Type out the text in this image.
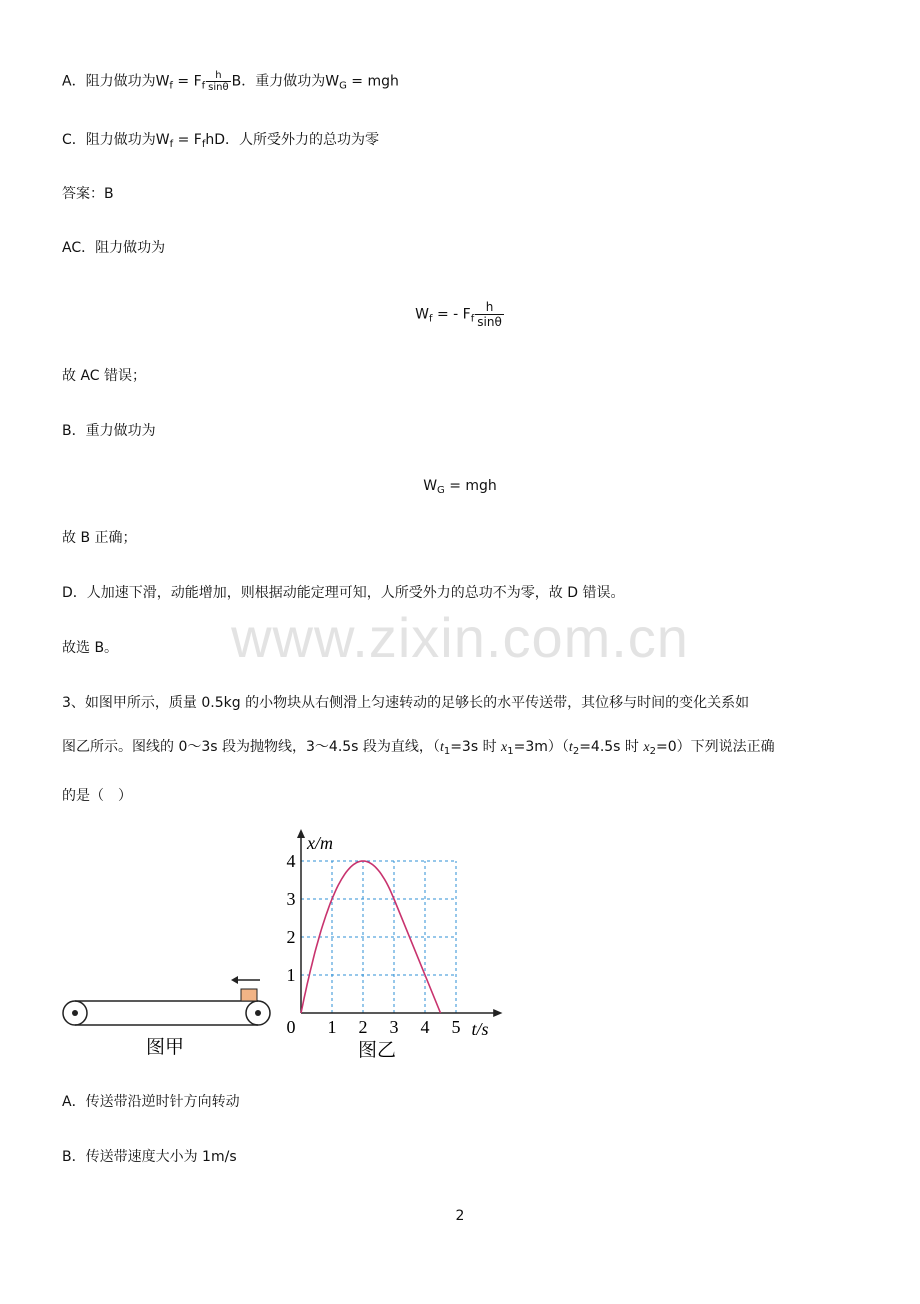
A．阻力做功为$W_f = F_f \frac{h}{\sin\theta}$ B．重力做功为$W_G$ = mgh
C．阻力做功为$W_f = F_fhD$．人所受外力的总功为零
答案：B
AC．阻力做功为
$W_f$ = - $F_f \frac{h}{\sin\theta}$
故 AC 错误；
B．重力做功为
$W_G$ = mgh
故 B 正确；
D．人加速下滑，动能增加，则根据动能定理可知，人所受外力的总功不为零，故 D 错误。
www.zixin.com.cn
故选 B。
3、如图甲所示，质量 0.5kg 的小物块从右侧滑上匀速转动的足够长的水平传送带，其位移与时间的变化关系如
图乙所示。图线的 0～3s 段为抛物线，3～4.5s 段为直线，（$t_1=3s$ 时 $x_1=3m)(t_2=4.5s$ 时 $x_2=0$）下列说法正确
的是（　）
图甲
1 2 3 4 5
1
2
3
4
0
x/m
t/s
图乙
A．传送带沿逆时针方向转动
B．传送带速度大小为 1m/s
2
